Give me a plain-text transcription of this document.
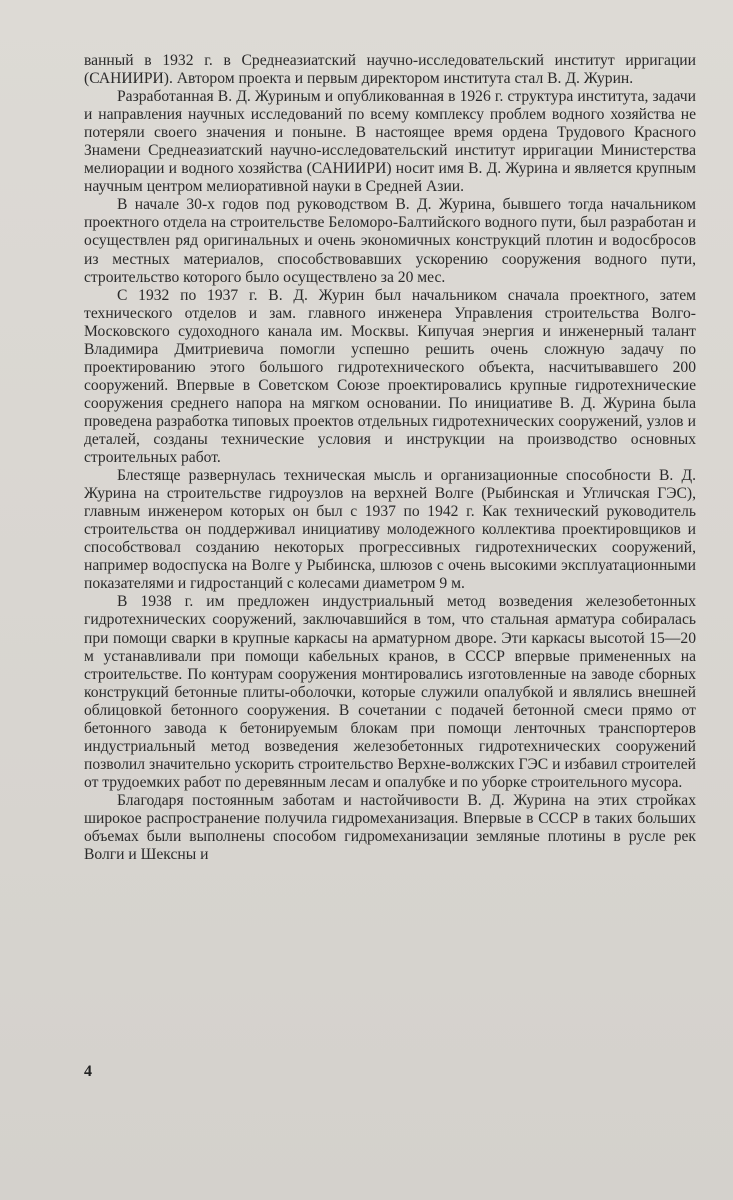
ванный в 1932 г. в Среднеазиатский научно-исследовательский институт ирригации (САНИИРИ). Автором проекта и первым директором института стал В. Д. Журин.

Разработанная В. Д. Журиным и опубликованная в 1926 г. структура института, задачи и направления научных исследований по всему комплексу проблем водного хозяйства не потеряли своего значения и поныне. В настоящее время ордена Трудового Красного Знамени Среднеазиатский научно-исследовательский институт ирригации Министерства мелиорации и водного хозяйства (САНИИРИ) носит имя В. Д. Журина и является крупным научным центром мелиоративной науки в Средней Азии.

В начале 30-х годов под руководством В. Д. Журина, бывшего тогда начальником проектного отдела на строительстве Беломоро-Балтийского водного пути, был разработан и осуществлен ряд оригинальных и очень экономичных конструкций плотин и водосбросов из местных материалов, способствовавших ускорению сооружения водного пути, строительство которого было осуществлено за 20 мес.

С 1932 по 1937 г. В. Д. Журин был начальником сначала проектного, затем технического отделов и зам. главного инженера Управления строительства Волго-Московского судоходного канала им. Москвы. Кипучая энергия и инженерный талант Владимира Дмитриевича помогли успешно решить очень сложную задачу по проектированию этого большого гидротехнического объекта, насчитывавшего 200 сооружений. Впервые в Советском Союзе проектировались крупные гидротехнические сооружения среднего напора на мягком основании. По инициативе В. Д. Журина была проведена разработка типовых проектов отдельных гидротехнических сооружений, узлов и деталей, созданы технические условия и инструкции на производство основных строительных работ.

Блестяще развернулась техническая мысль и организационные способности В. Д. Журина на строительстве гидроузлов на верхней Волге (Рыбинская и Угличская ГЭС), главным инженером которых он был с 1937 по 1942 г. Как технический руководитель строительства он поддерживал инициативу молодежного коллектива проектировщиков и способствовал созданию некоторых прогрессивных гидротехнических сооружений, например водоспуска на Волге у Рыбинска, шлюзов с очень высокими эксплуатационными показателями и гидростанций с колесами диаметром 9 м.

В 1938 г. им предложен индустриальный метод возведения железобетонных гидротехнических сооружений, заключавшийся в том, что стальная арматура собиралась при помощи сварки в крупные каркасы на арматурном дворе. Эти каркасы высотой 15—20 м устанавливали при помощи кабельных кранов, в СССР впервые примененных на строительстве. По контурам сооружения монтировались изготовленные на заводе сборных конструкций бетонные плиты-оболочки, которые служили опалубкой и являлись внешней облицовкой бетонного сооружения. В сочетании с подачей бетонной смеси прямо от бетонного завода к бетонируемым блокам при помощи ленточных транспортеров индустриальный метод возведения железобетонных гидротехнических сооружений позволил значительно ускорить строительство Верхне-волжских ГЭС и избавил строителей от трудоемких работ по деревянным лесам и опалубке и по уборке строительного мусора.

Благодаря постоянным заботам и настойчивости В. Д. Журина на этих стройках широкое распространение получила гидромеханизация. Впервые в СССР в таких больших объемах были выполнены способом гидромеханизации земляные плотины в русле рек Волги и Шексны и

4
